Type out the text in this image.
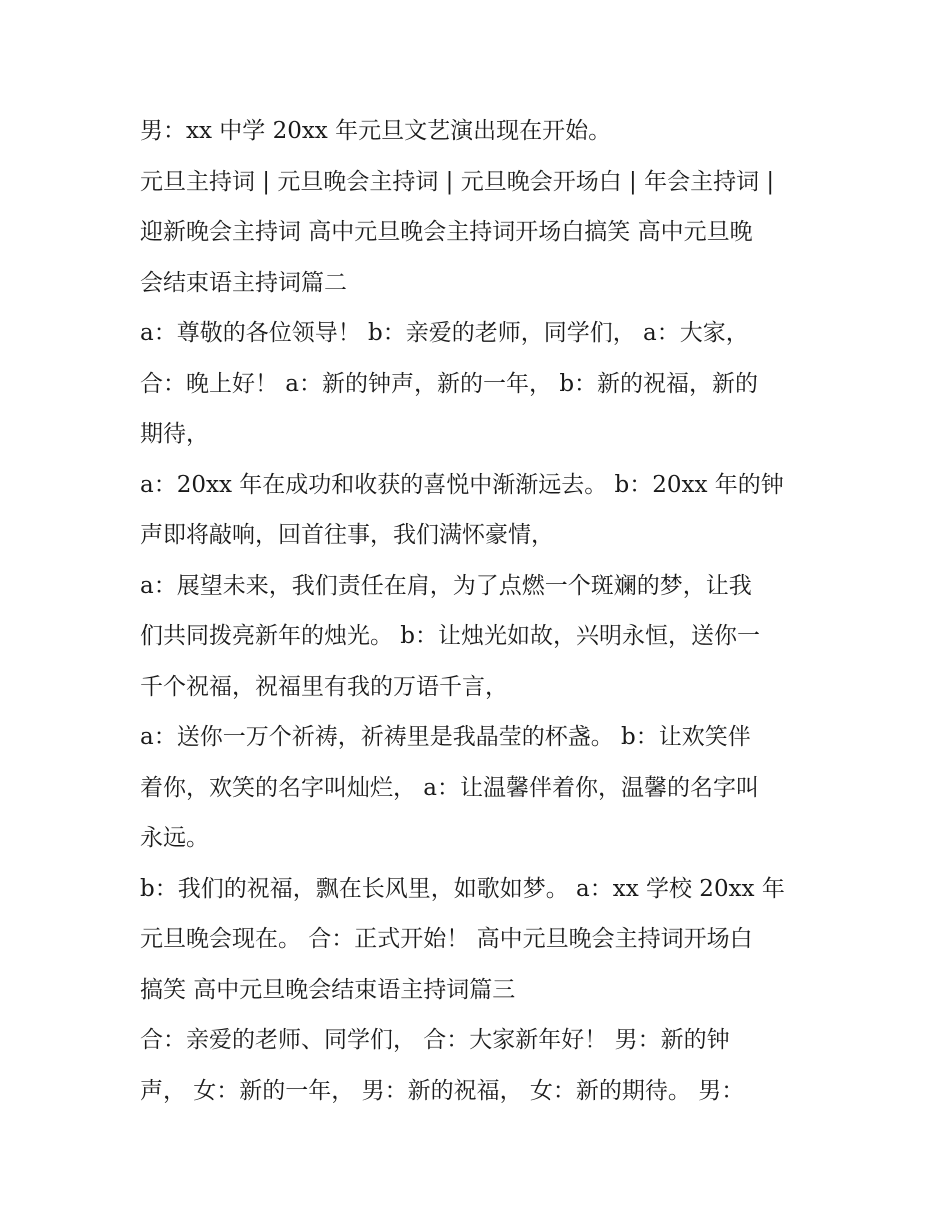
男：xx 中学 20xx 年元旦文艺演出现在开始。
元旦主持词 | 元旦晚会主持词 | 元旦晚会开场白 | 年会主持词 |
迎新晚会主持词 高中元旦晚会主持词开场白搞笑 高中元旦晚
会结束语主持词篇二
a：尊敬的各位领导！ b：亲爱的老师，同学们， a：大家，
合：晚上好！ a：新的钟声，新的一年， b：新的祝福，新的
期待，
a：20xx 年在成功和收获的喜悦中渐渐远去。 b：20xx 年的钟
声即将敲响，回首往事，我们满怀豪情，
a：展望未来，我们责任在肩，为了点燃一个斑斓的梦，让我
们共同拨亮新年的烛光。 b：让烛光如故，兴明永恒，送你一
千个祝福，祝福里有我的万语千言，
a：送你一万个祈祷，祈祷里是我晶莹的杯盏。 b：让欢笑伴
着你，欢笑的名字叫灿烂， a：让温馨伴着你，温馨的名字叫
永远。
b：我们的祝福，飘在长风里，如歌如梦。 a：xx 学校 20xx 年
元旦晚会现在。 合：正式开始！ 高中元旦晚会主持词开场白
搞笑 高中元旦晚会结束语主持词篇三
合：亲爱的老师、同学们， 合：大家新年好！ 男：新的钟
声， 女：新的一年， 男：新的祝福， 女：新的期待。 男：
